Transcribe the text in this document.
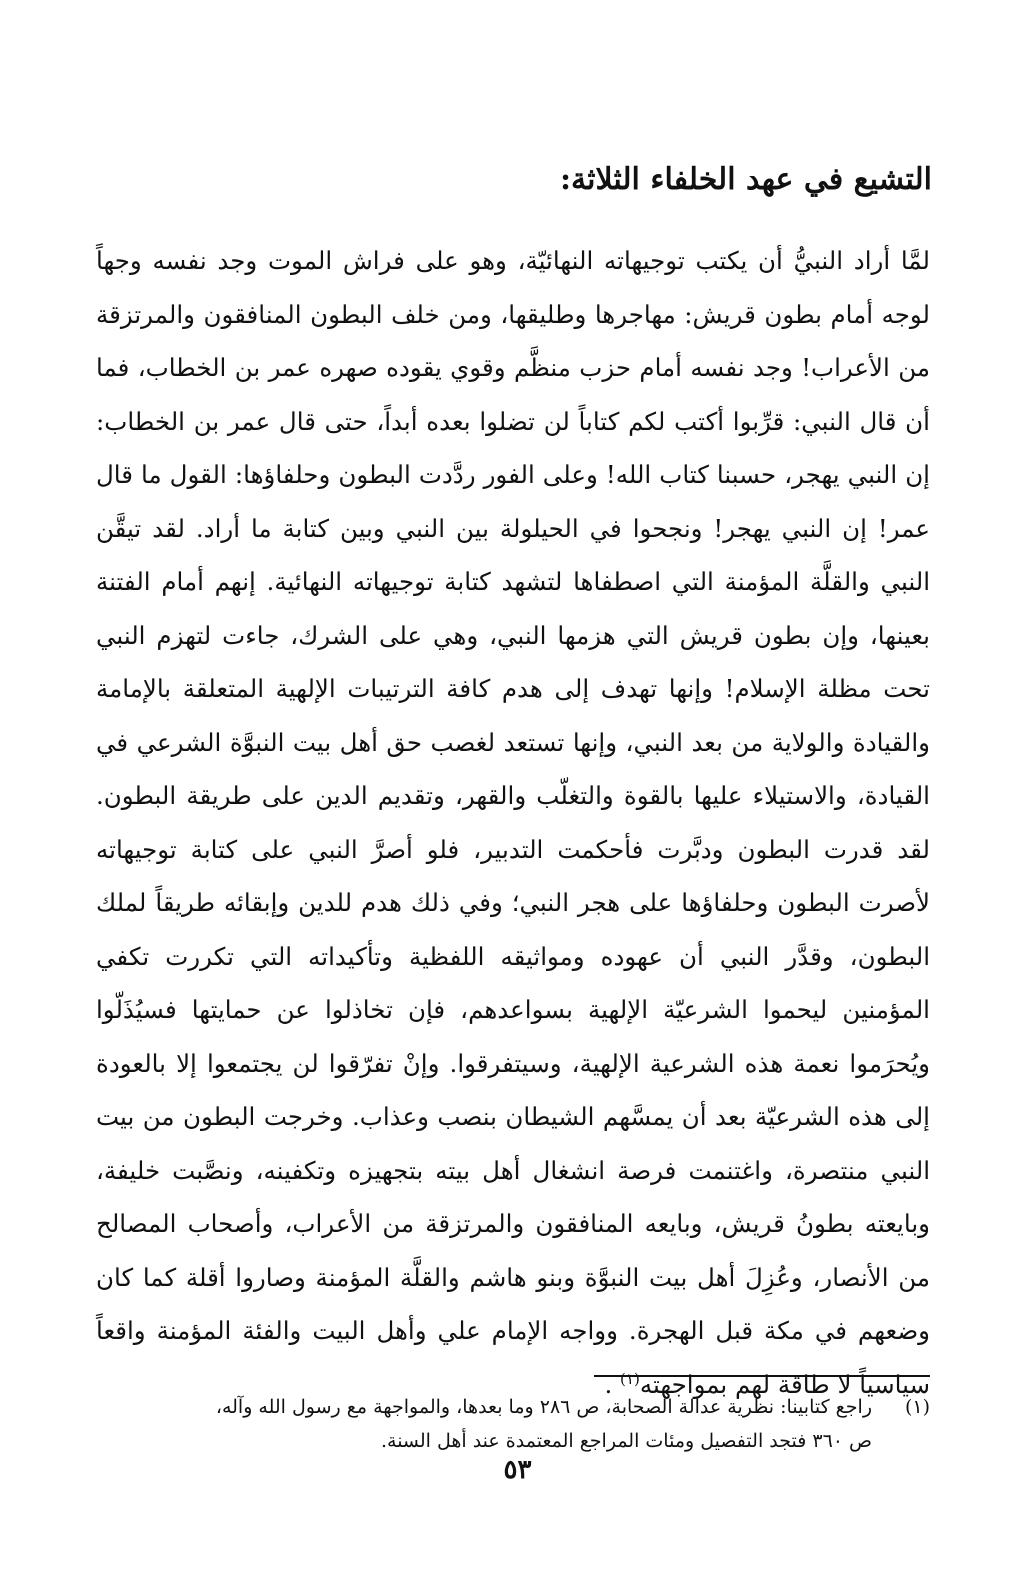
التشيع في عهد الخلفاء الثلاثة:

لمَّا أراد النبيُّ أن يكتب توجيهاته النهائيّة، وهو على فراش الموت وجد نفسه وجهاً لوجه أمام بطون قريش: مهاجرها وطليقها، ومن خلف البطون المنافقون والمرتزقة من الأعراب! وجد نفسه أمام حزب منظَّم وقوي يقوده صهره عمر بن الخطاب، فما أن قال النبي: قرِّبوا أكتب لكم كتاباً لن تضلوا بعده أبداً، حتى قال عمر بن الخطاب: إن النبي يهجر، حسبنا كتاب الله! وعلى الفور ردَّدت البطون وحلفاؤها: القول ما قال عمر! إن النبي يهجر! ونجحوا في الحيلولة بين النبي وبين كتابة ما أراد. لقد تيقَّن النبي والقلَّة المؤمنة التي اصطفاها لتشهد كتابة توجيهاته النهائية. إنهم أمام الفتنة بعينها، وإن بطون قريش التي هزمها النبي، وهي على الشرك، جاءت لتهزم النبي تحت مظلة الإسلام! وإنها تهدف إلى هدم كافة الترتيبات الإلهية المتعلقة بالإمامة والقيادة والولاية من بعد النبي، وإنها تستعد لغصب حق أهل بيت النبوَّة الشرعي في القيادة، والاستيلاء عليها بالقوة والتغلّب والقهر، وتقديم الدين على طريقة البطون. لقد قدرت البطون ودبَّرت فأحكمت التدبير، فلو أصرَّ النبي على كتابة توجيهاته لأصرت البطون وحلفاؤها على هجر النبي؛ وفي ذلك هدم للدين وإبقائه طريقاً لملك البطون، وقدَّر النبي أن عهوده ومواثيقه اللفظية وتأكيداته التي تكررت تكفي المؤمنين ليحموا الشرعيّة الإلهية بسواعدهم، فإن تخاذلوا عن حمايتها فسيُذَلّوا ويُحرَموا نعمة هذه الشرعية الإلهية، وسيتفرقوا. وإنْ تفرّقوا لن يجتمعوا إلا بالعودة إلى هذه الشرعيّة بعد أن يمسَّهم الشيطان بنصب وعذاب. وخرجت البطون من بيت النبي منتصرة، واغتنمت فرصة انشغال أهل بيته بتجهيزه وتكفينه، ونصَّبت خليفة، وبايعته بطونُ قريش، وبايعه المنافقون والمرتزقة من الأعراب، وأصحاب المصالح من الأنصار، وعُزِلَ أهل بيت النبوَّة وبنو هاشم والقلَّة المؤمنة وصاروا أقلة كما كان وضعهم في مكة قبل الهجرة. وواجه الإمام علي وأهل البيت والفئة المؤمنة واقعاً سياسياً لا طاقة لهم بمواجهته$^{(١)}$ .

(١)
راجع كتابينا: نظرية عدالة الصحابة، ص ٢٨٦ وما بعدها، والمواجهة مع رسول الله وآله،
ص ٣٦٠ فتجد التفصيل ومئات المراجع المعتمدة عند أهل السنة.
٥٣
